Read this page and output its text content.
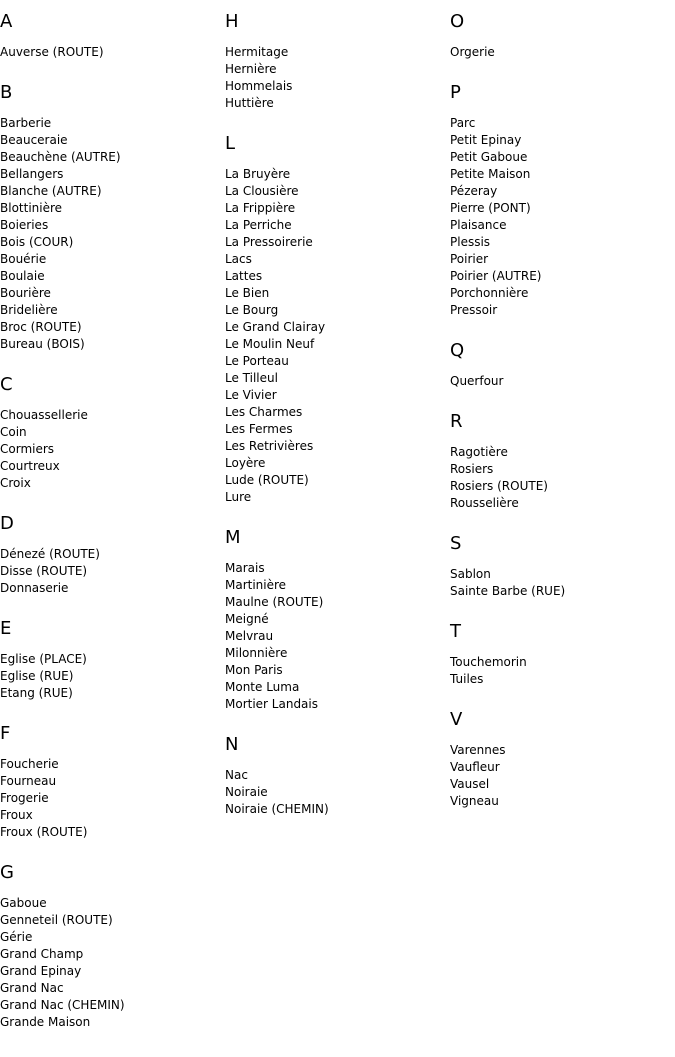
A
Auverse (ROUTE)
B
Barberie
Beauceraie
Beauchène (AUTRE)
Bellangers
Blanche (AUTRE)
Blottinière
Boieries
Bois (COUR)
Bouérie
Boulaie
Bourière
Bridelière
Broc (ROUTE)
Bureau (BOIS)
C
Chouassellerie
Coin
Cormiers
Courtreux
Croix
D
Dénezé (ROUTE)
Disse (ROUTE)
Donnaserie
E
Eglise (PLACE)
Eglise (RUE)
Etang (RUE)
F
Foucherie
Fourneau
Frogerie
Froux
Froux (ROUTE)
G
Gaboue
Genneteil (ROUTE)
Gérie
Grand Champ
Grand Epinay
Grand Nac
Grand Nac (CHEMIN)
Grande Maison
H
Hermitage
Hernière
Hommelais
Huttière
L
La Bruyère
La Clousière
La Frippière
La Perriche
La Pressoirerie
Lacs
Lattes
Le Bien
Le Bourg
Le Grand Clairay
Le Moulin Neuf
Le Porteau
Le Tilleul
Le Vivier
Les Charmes
Les Fermes
Les Retrivières
Loyère
Lude (ROUTE)
Lure
M
Marais
Martinière
Maulne (ROUTE)
Meigné
Melvrau
Milonnière
Mon Paris
Monte Luma
Mortier Landais
N
Nac
Noiraie
Noiraie (CHEMIN)
O
Orgerie
P
Parc
Petit Epinay
Petit Gaboue
Petite Maison
Pézeray
Pierre (PONT)
Plaisance
Plessis
Poirier
Poirier (AUTRE)
Porchonnière
Pressoir
Q
Querfour
R
Ragotière
Rosiers
Rosiers (ROUTE)
Rousselière
S
Sablon
Sainte Barbe (RUE)
T
Touchemorin
Tuiles
V
Varennes
Vaufleur
Vausel
Vigneau
